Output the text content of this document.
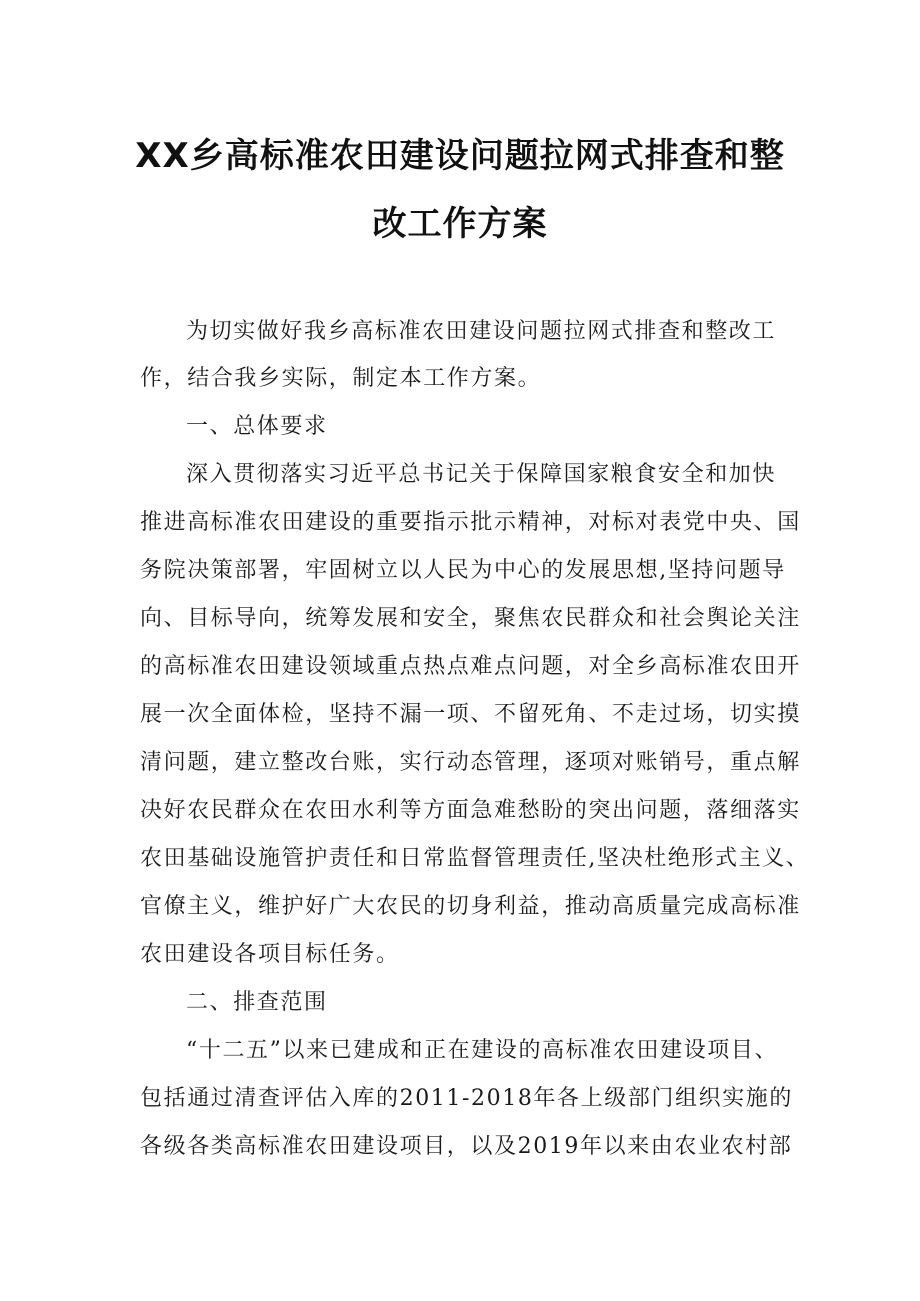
XX乡高标准农田建设问题拉网式排查和整
改工作方案
为切实做好我乡高标准农田建设问题拉网式排查和整改工
作，结合我乡实际，制定本工作方案。
一、总体要求
深入贯彻落实习近平总书记关于保障国家粮食安全和加快
推进高标准农田建设的重要指示批示精神，对标对表党中央、国
务院决策部署，牢固树立以人民为中心的发展思想,坚持问题导
向、目标导向，统筹发展和安全，聚焦农民群众和社会舆论关注
的高标准农田建设领域重点热点难点问题，对全乡高标准农田开
展一次全面体检，坚持不漏一项、不留死角、不走过场，切实摸
清问题，建立整改台账，实行动态管理，逐项对账销号，重点解
决好农民群众在农田水利等方面急难愁盼的突出问题，落细落实
农田基础设施管护责任和日常监督管理责任,坚决杜绝形式主义、
官僚主义，维护好广大农民的切身利益，推动高质量完成高标准
农田建设各项目标任务。
二、排查范围
“十二五”以来已建成和正在建设的高标准农田建设项目、
包括通过清查评估入库的2011-2018年各上级部门组织实施的
各级各类高标准农田建设项目，以及2019年以来由农业农村部
